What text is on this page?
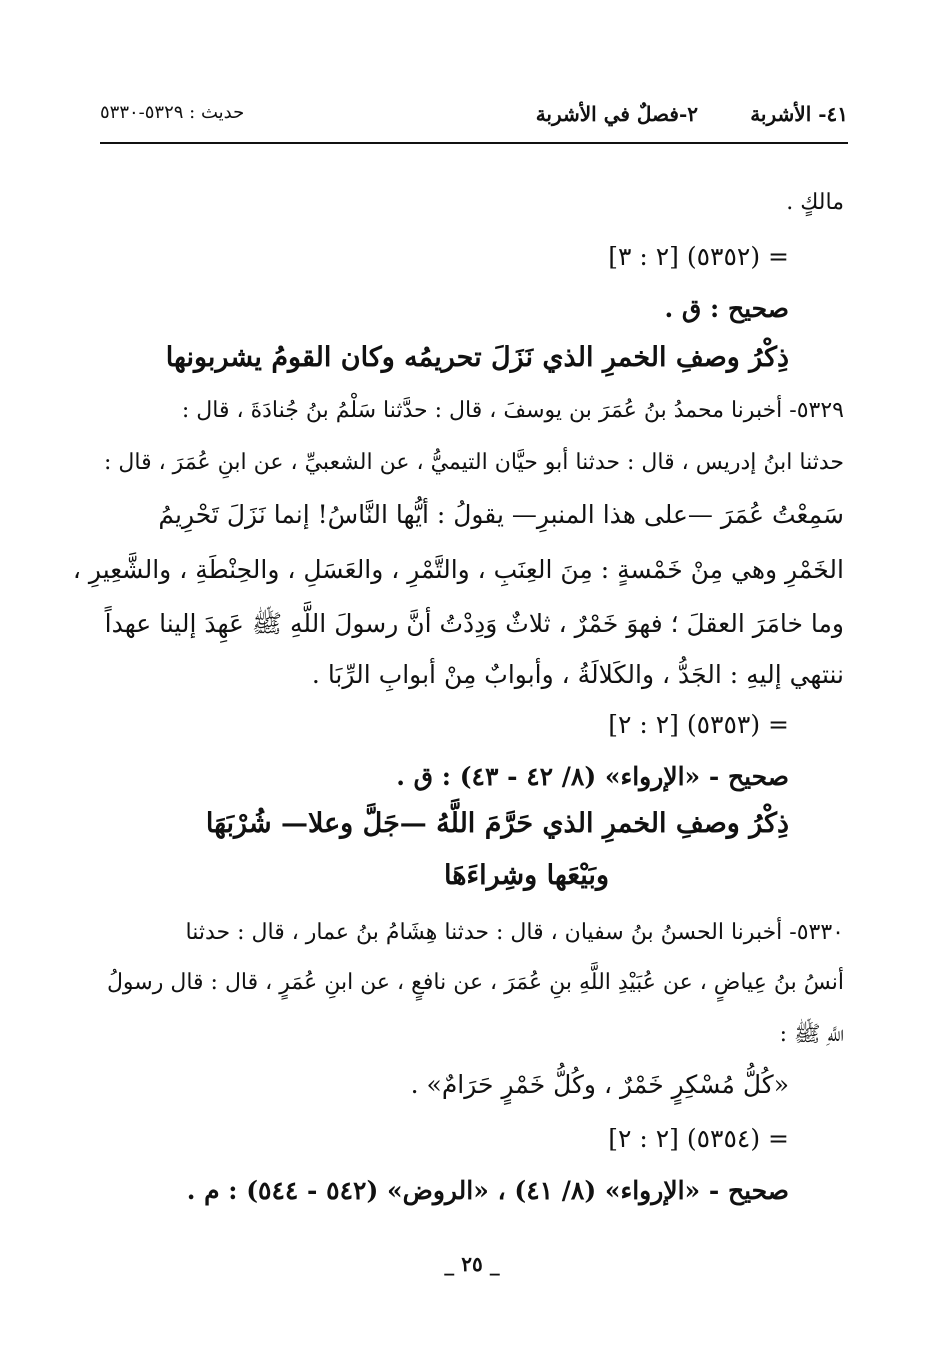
٤١- الأشربة
٢-فصلٌ في الأشربة
حديث : ٥٣٢٩-٥٣٣٠
مالكٍ .
= (٥٣٥٢) [٢ : ٣]
صحيح : ق .
ذِكْرُ وصفِ الخمرِ الذي نَزَلَ تحريمُه وكان القومُ يشربونها
٥٣٢٩- أخبرنا محمدُ بنُ عُمَرَ بن يوسفَ ، قال : حدَّثنا سَلْمُ بنُ جُنادَةَ ، قال :
حدثنا ابنُ إدريس ، قال : حدثنا أبو حيَّان التيميُّ ، عن الشعبيِّ ، عن ابنِ عُمَرَ ، قال :
سَمِعْتُ عُمَرَ —على هذا المنبرِ— يقولُ : أيُّها النَّاسُ! إنما نَزَلَ تَحْرِيمُ
الخَمْرِ وهي مِنْ خَمْسةٍ : مِنَ العِنَبِ ، والتَّمْرِ ، والعَسَلِ ، والحِنْطَةِ ، والشَّعِيرِ ،
وما خامَرَ العقلَ ؛ فهوَ خَمْرٌ ، ثلاثٌ وَدِدْتُ أنَّ رسولَ اللَّهِ ﷺ عَهِدَ إلينا عهداً
ننتهي إليهِ : الجَدُّ ، والكَلالَةُ ، وأبوابٌ مِنْ أبوابِ الرِّبَا .
= (٥٣٥٣) [٢ : ٢]
صحيح - «الإرواء» (٨/ ٤٢ - ٤٣) : ق .
ذِكْرُ وصفِ الخمرِ الذي حَرَّمَ اللَّهُ —جَلَّ وعلا— شُرْبَهَا
وبَيْعَها وشِراءَهَا
٥٣٣٠- أخبرنا الحسنُ بنُ سفيان ، قال : حدثنا هِشَامُ بنُ عمار ، قال : حدثنا
أنسُ بنُ عِياضٍ ، عن عُبَيْدِ اللَّهِ بنِ عُمَرَ ، عن نافعٍ ، عن ابنِ عُمَرٍ ، قال : قال رسولُ
اللَّهِ ﷺ :
«كُلُّ مُسْكِرٍ خَمْرٌ ، وكُلُّ خَمْرٍ حَرَامٌ» .
= (٥٣٥٤) [٢ : ٢]
صحيح - «الإرواء» (٨/ ٤١) ، «الروض» (٥٤٢ - ٥٤٤) : م .
_ ٢٥ _
